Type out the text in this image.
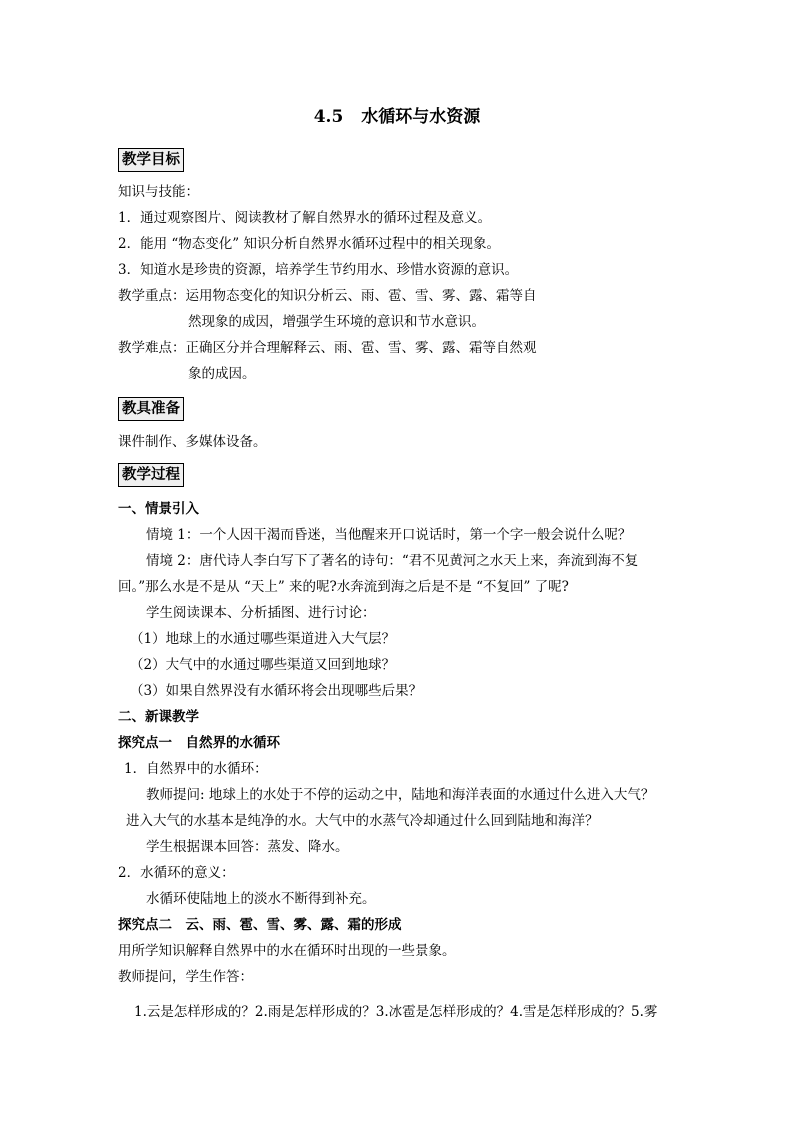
4.5 水循环与水资源
教学目标
知识与技能：
1．通过观察图片、阅读教材了解自然界水的循环过程及意义。
2．能用 “物态变化” 知识分析自然界水循环过程中的相关现象。
3．知道水是珍贵的资源，培养学生节约用水、珍惜水资源的意识。
教学重点：运用物态变化的知识分析云、雨、雹、雪、雾、露、霜等自
然现象的成因，增强学生环境的意识和节水意识。
教学难点：正确区分并合理解释云、雨、雹、雪、雾、露、霜等自然观
象的成因。
教具准备
课件制作、多媒体设备。
教学过程
一、情景引入
情境 1：一个人因干渴而昏迷，当他醒来开口说话时，第一个字一般会说什么呢？
情境 2：唐代诗人李白写下了著名的诗句：“君不见黄河之水天上来，奔流到海不复
回。”那么水是不是从 “天上” 来的呢?水奔流到海之后是不是 “不复回” 了呢?
学生阅读课本、分析插图、进行讨论：
（1）地球上的水通过哪些渠道进入大气层？
（2）大气中的水通过哪些渠道又回到地球？
（3）如果自然界没有水循环将会出现哪些后果？
二、新课教学
探究点一　自然界的水循环
1．自然界中的水循环：
教师提问: 地球上的水处于不停的运动之中，陆地和海洋表面的水通过什么进入大气？
进入大气的水基本是纯净的水。大气中的水蒸气冷却通过什么回到陆地和海洋？
学生根据课本回答：蒸发、降水。
2．水循环的意义：
水循环使陆地上的淡水不断得到补充。
探究点二　云、雨、雹、雪、雾、露、霜的形成
用所学知识解释自然界中的水在循环时出现的一些景象。
教师提问，学生作答：
1.云是怎样形成的？2.雨是怎样形成的？3.冰雹是怎样形成的？4.雪是怎样形成的？5.雾
